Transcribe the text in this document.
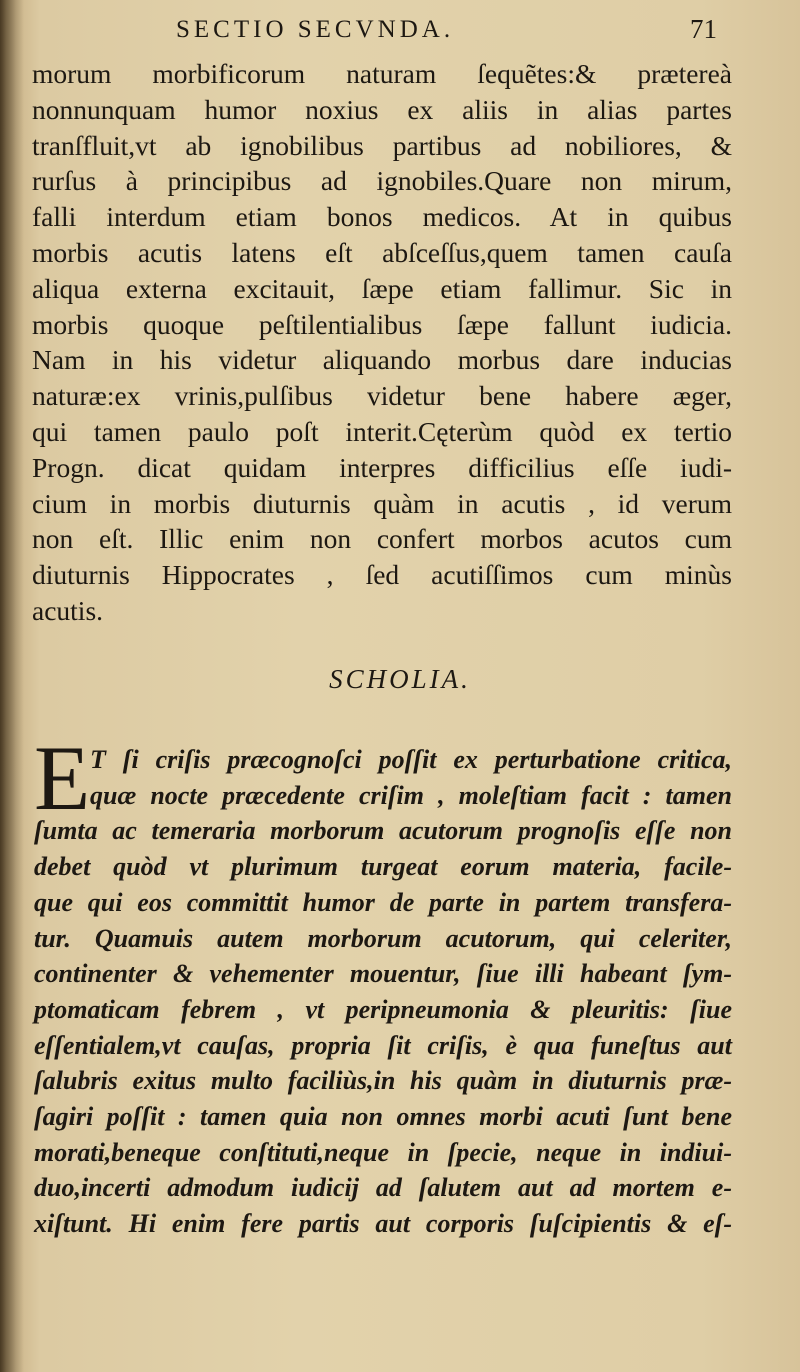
SECTIO SECVNDA.	71
morum morbificorum naturam ſequẽtes:& prætereà
nonnunquam humor noxius ex aliis in alias partes
tranſfluit,vt ab ignobilibus partibus ad nobiliores, &
rurſus à principibus ad ignobiles.Quare non mirum,
falli interdum etiam bonos medicos. At in quibus
morbis acutis latens eſt abſceſſus,quem tamen cauſa
aliqua externa excitauit, ſæpe etiam fallimur. Sic in
morbis quoque peſtilentialibus ſæpe fallunt iudicia.
Nam in his videtur aliquando morbus dare inducias
naturæ:ex vrinis,pulſibus videtur bene habere æger,
qui tamen paulo poſt interit.Cęterùm quòd ex tertio
Progn. dicat quidam interpres difficilius eſſe iudi-
cium in morbis diuturnis quàm in acutis , id verum
non eſt. Illic enim non confert morbos acutos cum
diuturnis Hippocrates , ſed acutiſſimos cum minùs
acutis.
SCHOLIA.
E T ſi criſis præcognoſci poſſit ex perturbatione critica,
quæ nocte præcedente criſim , moleſtiam facit : tamen
ſumta ac temeraria morborum acutorum prognoſis eſſe non
debet quòd vt plurimum turgeat eorum materia, facile-
que qui eos committit humor de parte in partem transfera-
tur. Quamuis autem morborum acutorum, qui celeriter,
continenter & vehementer mouentur, ſiue illi habeant ſym-
ptomaticam febrem , vt peripneumonia & pleuritis: ſiue
eſſentialem,vt cauſas, propria ſit criſis, è qua funeſtus aut
ſalubris exitus multo faciliùs,in his quàm in diuturnis præ-
ſagiri poſſit : tamen quia non omnes morbi acuti ſunt bene
morati,beneque conſtituti,neque in ſpecie, neque in indiui-
duo,incerti admodum iudicij ad ſalutem aut ad mortem e-
xiſtunt. Hi enim fere partis aut corporis ſuſcipientis & eſ-
